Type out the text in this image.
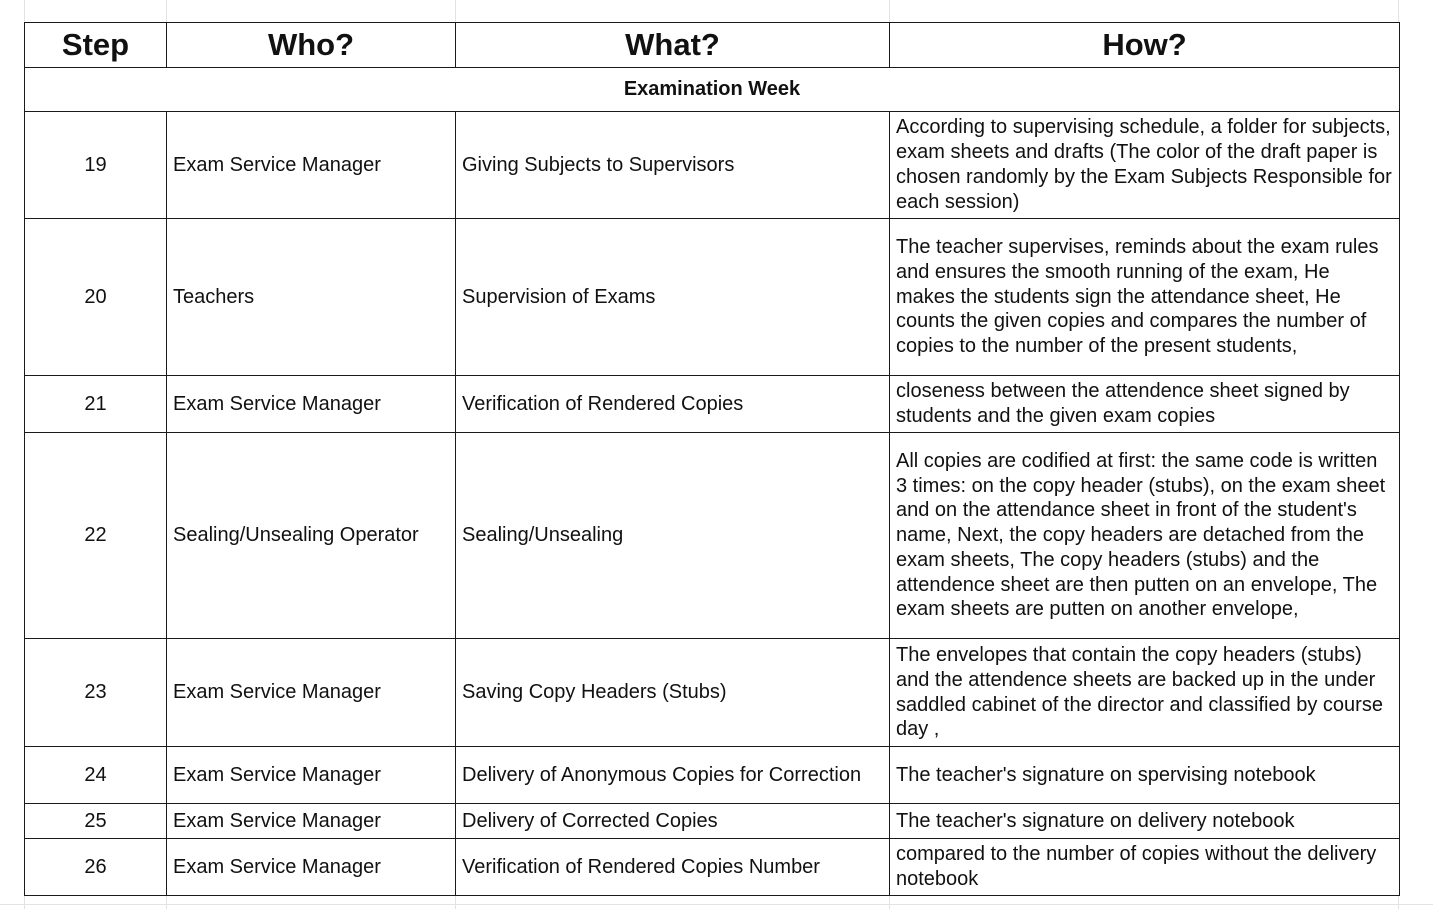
Step	Who?	What?	How?
Examination Week			
19	Exam Service Manager	Giving Subjects to Supervisors	According to supervising schedule, a folder for subjects, exam sheets and drafts (The color of the draft paper is chosen randomly by the Exam Subjects Responsible for each session)
20	Teachers	Supervision of Exams	The teacher supervises, reminds about the exam rules and ensures the smooth running of the exam, He makes the students sign the attendance sheet, He counts the given copies and compares the number of copies to the number of the present students,
21	Exam Service Manager	Verification of Rendered Copies	closeness between the attendence sheet signed by students and the given exam copies
22	Sealing/Unsealing Operator	Sealing/Unsealing	All copies are codified at first: the same code is written 3 times: on the copy header (stubs), on the exam sheet and on the attendance sheet in front of the student's name, Next, the copy headers are detached from the exam sheets, The copy headers (stubs) and the attendence sheet are then putten on an envelope, The exam sheets are putten on another envelope,
23	Exam Service Manager	Saving Copy Headers (Stubs)	The envelopes that contain the copy headers (stubs) and the attendence sheets are backed up in the under saddled cabinet of the director and classified by course day ,
24	Exam Service Manager	Delivery of Anonymous Copies for Correction	The teacher's signature on spervising notebook
25	Exam Service Manager	Delivery of Corrected Copies	The teacher's signature on delivery notebook
26	Exam Service Manager	Verification of Rendered Copies Number	compared to the number of copies without the delivery notebook
